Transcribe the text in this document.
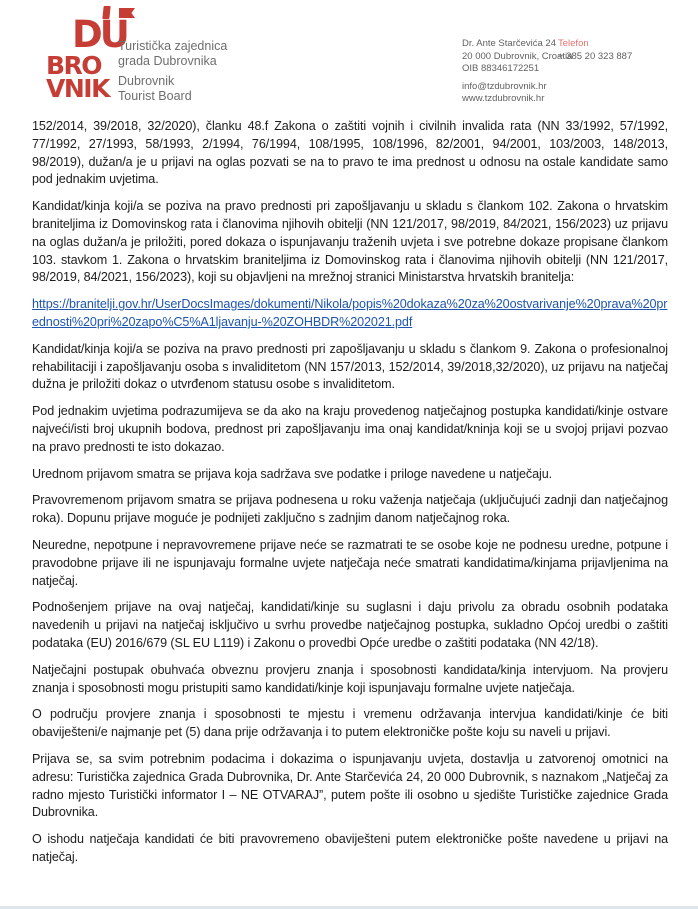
DU
BRO
VNIK
Turistička zajednica
grada Dubrovnika
Dubrovnik
Tourist Board
Dr. Ante Starčevića 24
20 000 Dubrovnik, Croatia
OIB 88346172251
info@tzdubrovnik.hr
www.tzdubrovnik.hr
Telefon
+ 385 20 323 887

152/2014, 39/2018, 32/2020), članku 48.f Zakona o zaštiti vojnih i civilnih invalida rata (NN 33/1992, 57/1992, 77/1992, 27/1993, 58/1993, 2/1994, 76/1994, 108/1995, 108/1996, 82/2001, 94/2001, 103/2003, 148/2013, 98/2019), dužan/a je u prijavi na oglas pozvati se na to pravo te ima prednost u odnosu na ostale kandidate samo pod jednakim uvjetima.

Kandidat/kinja koji/a se poziva na pravo prednosti pri zapošljavanju u skladu s člankom 102. Zakona o hrvatskim braniteljima iz Domovinskog rata i članovima njihovih obitelji (NN 121/2017, 98/2019, 84/2021, 156/2023) uz prijavu na oglas dužan/a je priložiti, pored dokaza o ispunjavanju traženih uvjeta i sve potrebne dokaze propisane člankom 103. stavkom 1. Zakona o hrvatskim braniteljima iz Domovinskog rata i članovima njihovih obitelji (NN 121/2017, 98/2019, 84/2021, 156/2023), koji su objavljeni na mrežnoj stranici Ministarstva hrvatskih branitelja:

https://branitelji.gov.hr/UserDocsImages/dokumenti/Nikola/popis%20dokaza%20za%20ostvarivanje%20prava%20prednosti%20pri%20zapo%C5%A1ljavanju-%20ZOHBDR%202021.pdf

Kandidat/kinja koji/a se poziva na pravo prednosti pri zapošljavanju u skladu s člankom 9. Zakona o profesionalnoj rehabilitaciji i zapošljavanju osoba s invaliditetom (NN 157/2013, 152/2014, 39/2018,32/2020), uz prijavu na natječaj dužna je priložiti dokaz o utvrđenom statusu osobe s invaliditetom.

Pod jednakim uvjetima podrazumijeva se da ako na kraju provedenog natječajnog postupka kandidati/kinje ostvare najveći/isti broj ukupnih bodova, prednost pri zapošljavanju ima onaj kandidat/kninja koji se u svojoj prijavi pozvao na pravo prednosti te isto dokazao.

Urednom prijavom smatra se prijava koja sadržava sve podatke i priloge navedene u natječaju.

Pravovremenom prijavom smatra se prijava podnesena u roku važenja natječaja (uključujući zadnji dan natječajnog roka). Dopunu prijave moguće je podnijeti zaključno s zadnjim danom natječajnog roka.

Neuredne, nepotpune i nepravovremene prijave neće se razmatrati te se osobe koje ne podnesu uredne, potpune i pravodobne prijave ili ne ispunjavaju formalne uvjete natječaja neće smatrati kandidatima/kinjama prijavljenima na natječaj.

Podnošenjem prijave na ovaj natječaj, kandidati/kinje su suglasni i daju privolu za obradu osobnih podataka navedenih u prijavi na natječaj isključivo u svrhu provedbe natječajnog postupka, sukladno Općoj uredbi o zaštiti podataka (EU) 2016/679 (SL EU L119) i Zakonu o provedbi Opće uredbe o zaštiti podataka (NN 42/18).

Natječajni postupak obuhvaća obveznu provjeru znanja i sposobnosti kandidata/kinja intervjuom. Na provjeru znanja i sposobnosti mogu pristupiti samo kandidati/kinje koji ispunjavaju formalne uvjete natječaja.

O području provjere znanja i sposobnosti te mjestu i vremenu održavanja intervjua kandidati/kinje će biti obaviješteni/e najmanje pet (5) dana prije održavanja i to putem elektroničke pošte koju su naveli u prijavi.

Prijava se, sa svim potrebnim podacima i dokazima o ispunjavanju uvjeta, dostavlja u zatvorenoj omotnici na adresu: Turistička zajednica Grada Dubrovnika, Dr. Ante Starčevića 24, 20 000 Dubrovnik, s naznakom „Natječaj za radno mjesto Turistički informator I – NE OTVARAJ”, putem pošte ili osobno u sjedište Turističke zajednice Grada Dubrovnika.

O ishodu natječaja kandidati će biti pravovremeno obaviješteni putem elektroničke pošte navedene u prijavi na natječaj.
